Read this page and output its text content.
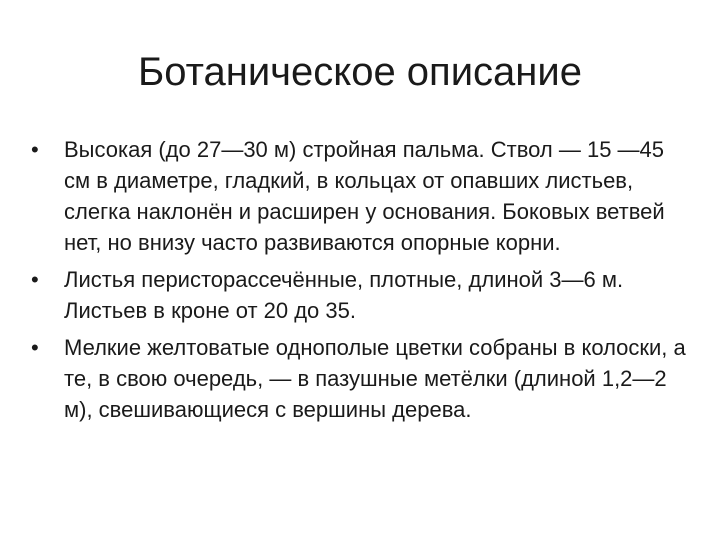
Ботаническое описание
• Высокая (до 27—30 м) стройная пальма. Ствол — 15 —45 см в диаметре, гладкий, в кольцах от опавших листьев, слегка наклонён и расширен у основания. Боковых ветвей нет, но внизу часто развиваются опорные корни.
• Листья перисторассечённые, плотные, длиной 3—6 м. Листьев в кроне от 20 до 35.
• Мелкие желтоватые однополые цветки собраны в колоски, а те, в свою очередь, — в пазушные метёлки (длиной 1,2—2 м), свешивающиеся с вершины дерева.
